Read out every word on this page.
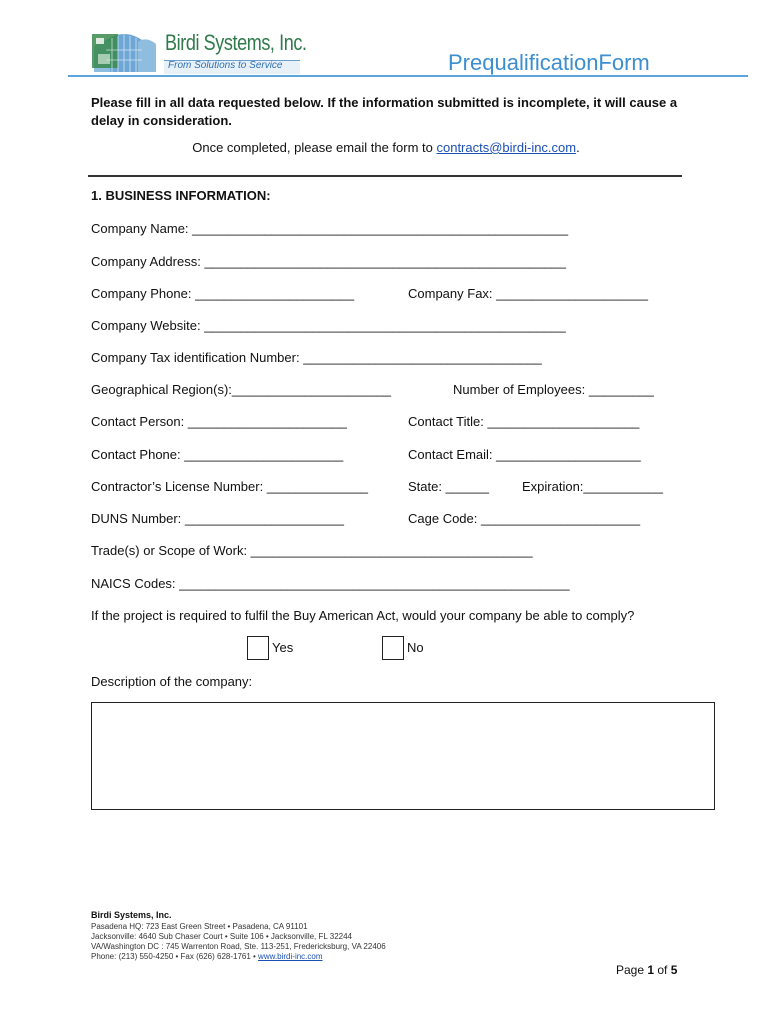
Birdi Systems, Inc.
From Solutions to Service	PrequalificationForm
Please fill in all data requested below. If the information submitted is incomplete, it will cause a delay in consideration.
Once completed, please email the form to contracts@birdi-inc.com.
1. BUSINESS INFORMATION:
Company Name: ____________________________________________________
Company Address: __________________________________________________
Company Phone: ______________________	Company Fax: _____________________
Company Website: __________________________________________________
Company Tax identification Number: _________________________________
Geographical Region(s):______________________	Number of Employees: _________
Contact Person: ______________________	Contact Title: _____________________
Contact Phone: ______________________	Contact Email: ____________________
Contractor’s License Number: ______________	State: ______	Expiration:___________
DUNS Number: ______________________	Cage Code: ______________________
Trade(s) or Scope of Work: _______________________________________
NAICS Codes: ______________________________________________________
If the project is required to fulfil the Buy American Act, would your company be able to comply?
Yes	No
Description of the company:
Birdi Systems, Inc.
Pasadena HQ: 723 East Green Street • Pasadena, CA 91101
Jacksonville: 4640 Sub Chaser Court • Suite 106 • Jacksonville, FL 32244
VA/Washington DC : 745 Warrenton Road, Ste. 113-251, Fredericksburg, VA 22406
Phone: (213) 550-4250 • Fax (626) 628-1761 • www.birdi-inc.com
Page 1 of 5
